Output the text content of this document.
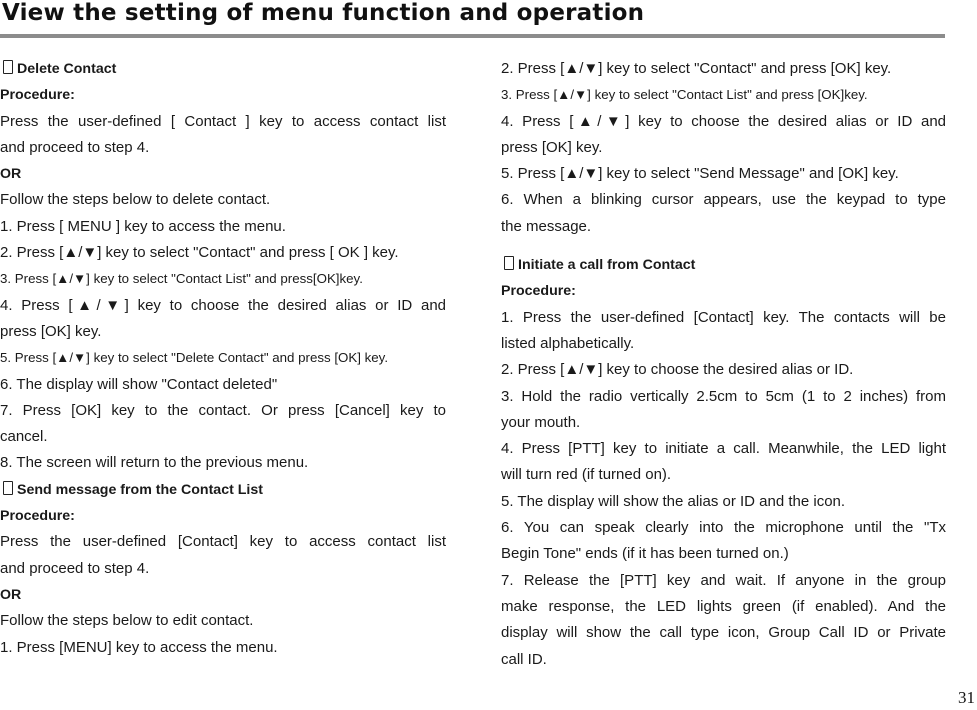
View the setting of menu function and operation
Delete Contact
Procedure:
Press the user-defined [ Contact ] key to access contact list
and proceed to step 4.
OR
Follow the steps below to delete contact.
1. Press [ MENU ] key to access the menu.
2. Press [▲/▼] key to select "Contact" and press [ OK ] key.
3. Press [▲/▼] key to select "Contact List" and press[OK]key.
4. Press [▲/▼] key to choose the desired alias or ID and
press [OK] key.
5. Press [▲/▼] key to select "Delete Contact" and press [OK] key.
6. The display will show "Contact deleted"
7. Press [OK] key to the contact. Or press [Cancel] key to
cancel.
8. The screen will return to the previous menu.
Send message from the Contact List
Procedure:
Press the user-defined [Contact] key to access contact list
and proceed to step 4.
OR
Follow the steps below to edit contact.
1. Press [MENU] key to access the menu.
2. Press [▲/▼] key to select "Contact" and press [OK] key.
3. Press [▲/▼] key to select "Contact List" and press [OK]key.
4. Press [▲/▼] key to choose the desired alias or ID and
press [OK] key.
5. Press [▲/▼] key to select "Send Message" and [OK] key.
6. When a blinking cursor appears, use the keypad to type
the message.
Initiate a call from Contact
Procedure:
1. Press the user-defined [Contact] key. The contacts will be
listed alphabetically.
2. Press [▲/▼] key to choose the desired alias or ID.
3. Hold the radio vertically 2.5cm to 5cm (1 to 2 inches) from
your mouth.
4. Press [PTT] key to initiate a call. Meanwhile, the LED light
will turn red (if turned on).
5. The display will show the alias or ID and the icon.
6. You can speak clearly into the microphone until the "Tx
Begin Tone" ends (if it has been turned on.)
7. Release the [PTT] key and wait. If anyone in the group
make response, the LED lights green (if enabled). And the
display will show the call type icon, Group Call ID or Private
call ID.
31
